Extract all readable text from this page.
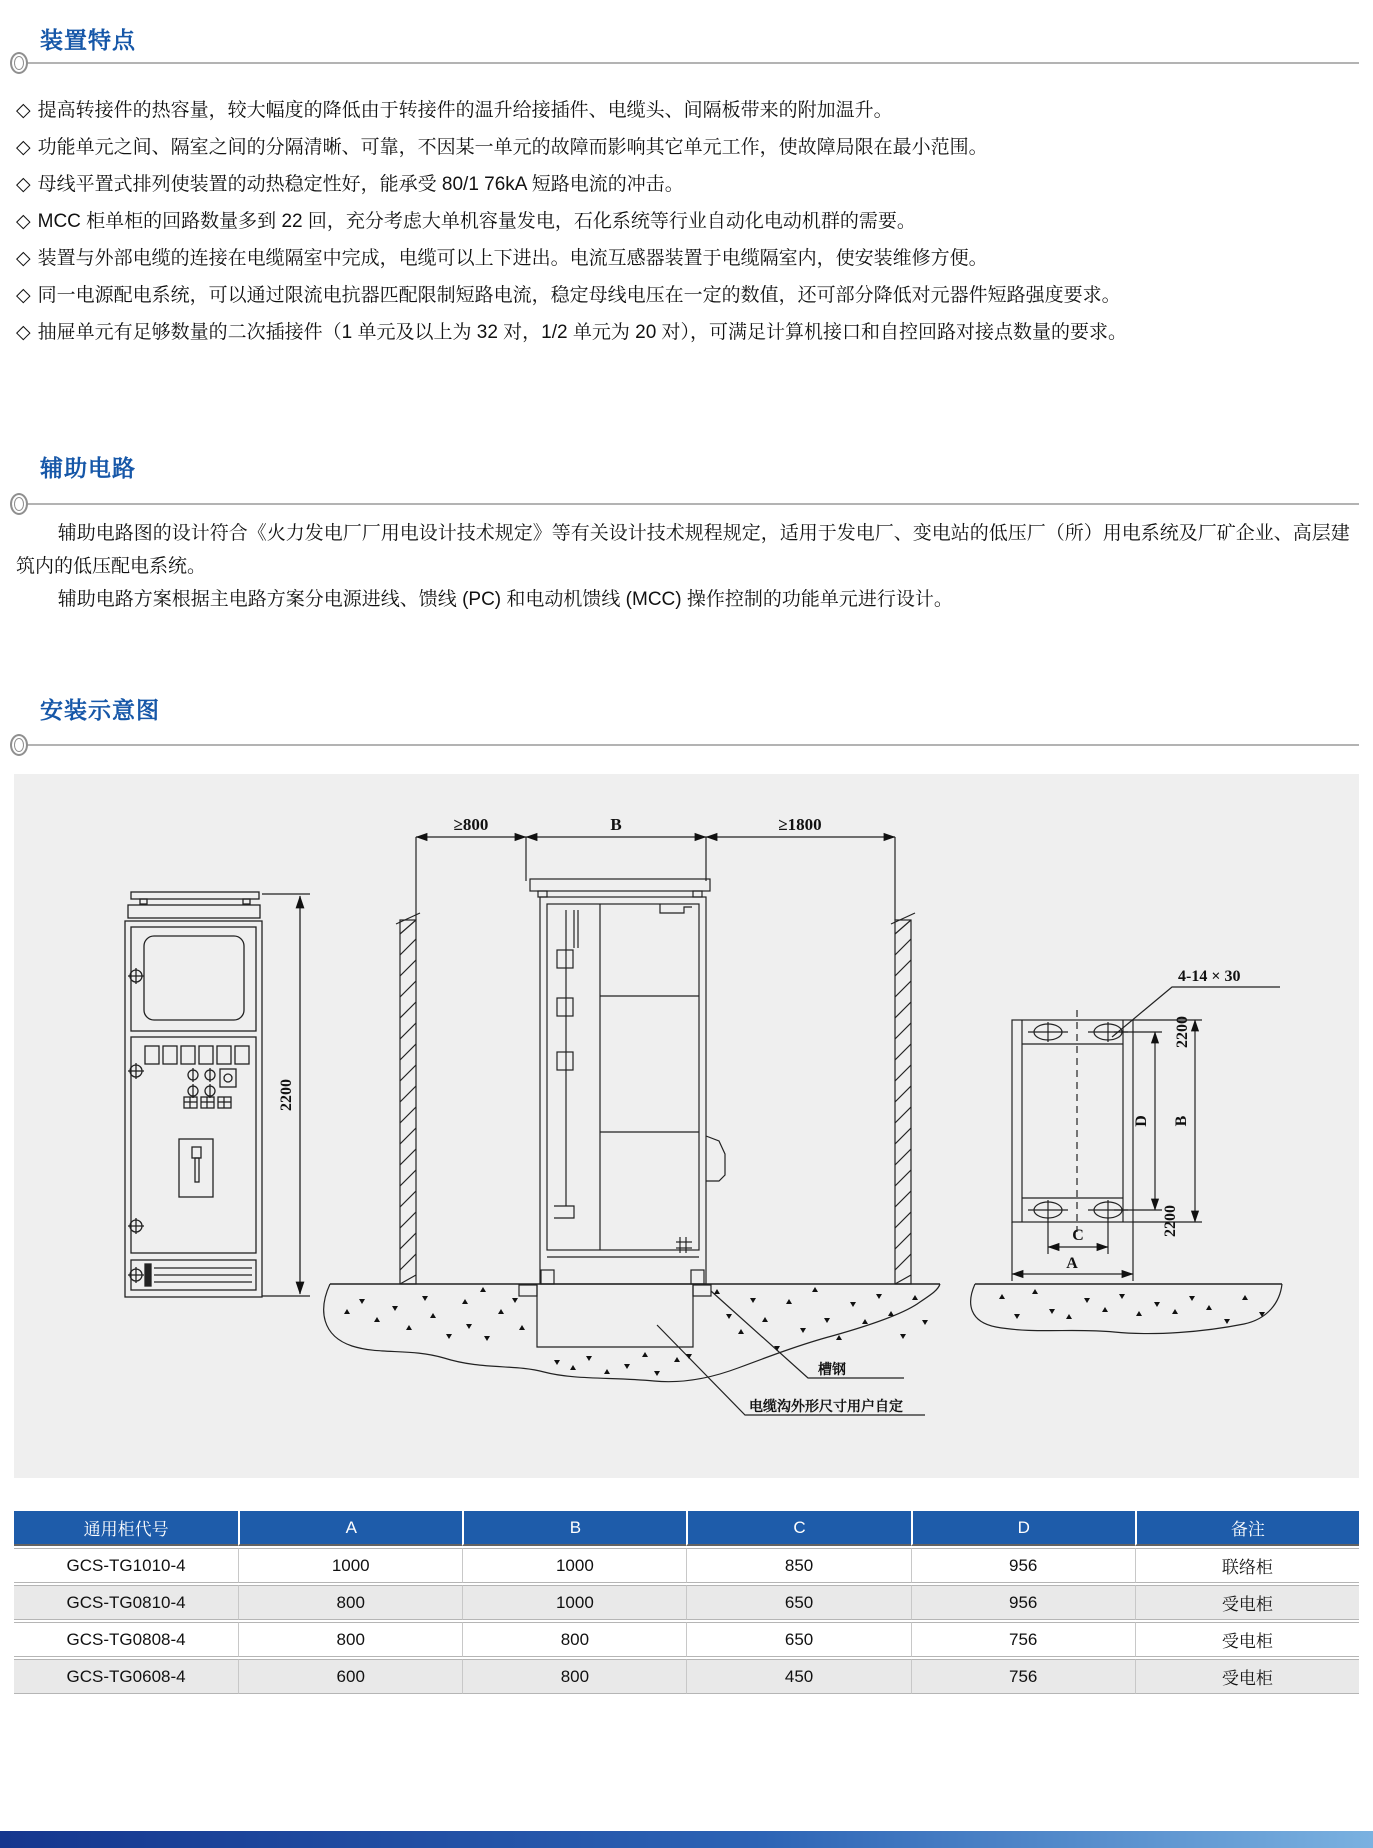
装置特点
◇ 提高转接件的热容量，较大幅度的降低由于转接件的温升给接插件、电缆头、间隔板带来的附加温升。
◇ 功能单元之间、隔室之间的分隔清晰、可靠，不因某一单元的故障而影响其它单元工作，使故障局限在最小范围。
◇ 母线平置式排列使装置的动热稳定性好，能承受 80/1 76kA 短路电流的冲击。
◇ MCC 柜单柜的回路数量多到 22 回，充分考虑大单机容量发电，石化系统等行业自动化电动机群的需要。
◇ 装置与外部电缆的连接在电缆隔室中完成，电缆可以上下进出。电流互感器装置于电缆隔室内，使安装维修方便。
◇ 同一电源配电系统，可以通过限流电抗器匹配限制短路电流，稳定母线电压在一定的数值，还可部分降低对元器件短路强度要求。
◇ 抽屉单元有足够数量的二次插接件（1 单元及以上为 32 对，1/2 单元为 20 对），可满足计算机接口和自控回路对接点数量的要求。
辅助电路

辅助电路图的设计符合《火力发电厂厂用电设计技术规定》等有关设计技术规程规定，适用于发电厂、变电站的低压厂（所）用电系统及厂矿企业、高层建筑内的低压配电系统。

辅助电路方案根据主电路方案分电源进线、馈线 (PC) 和电动机馈线 (MCC) 操作控制的功能单元进行设计。

安装示意图
2200
≥800	B	≥1800
4-14 × 30
2200
D B
2200
C
A
槽钢
电缆沟外形尺寸用户自定
通用柜代号	A	B	C	D	备注
GCS-TG1010-4	1000	1000	850	956	联络柜
GCS-TG0810-4	800	1000	650	956	受电柜
GCS-TG0808-4	800	800	650	756	受电柜
GCS-TG0608-4	600	800	450	756	受电柜
